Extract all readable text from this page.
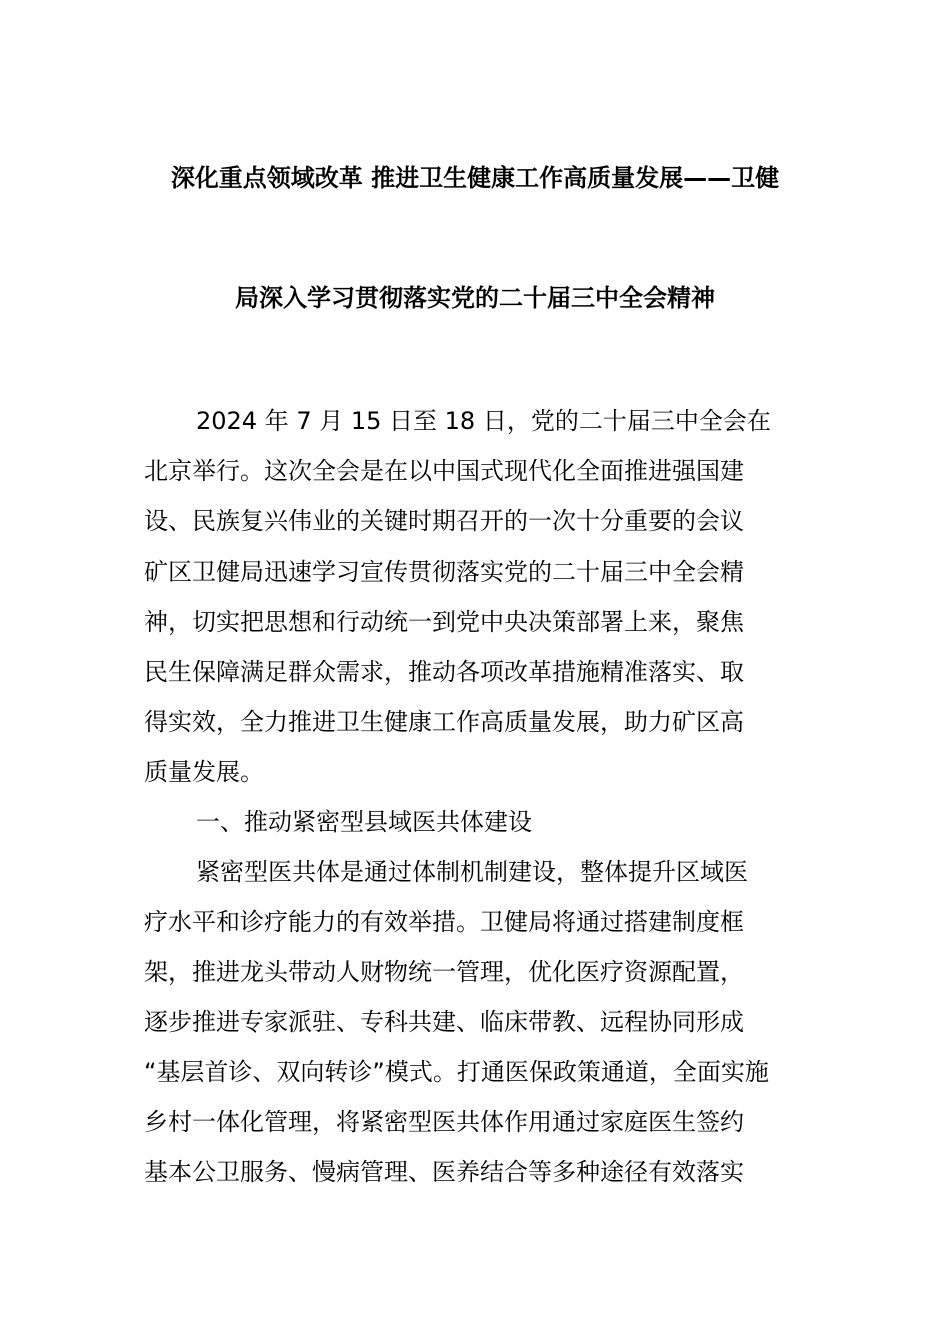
深化重点领域改革 推进卫生健康工作高质量发展——卫健
局深入学习贯彻落实党的二十届三中全会精神
2024 年 7 月 15 日至 18 日，党的二十届三中全会在
北京举行。这次全会是在以中国式现代化全面推进强国建
设、民族复兴伟业的关键时期召开的一次十分重要的会议
矿区卫健局迅速学习宣传贯彻落实党的二十届三中全会精
神，切实把思想和行动统一到党中央决策部署上来，聚焦
民生保障满足群众需求，推动各项改革措施精准落实、取
得实效，全力推进卫生健康工作高质量发展，助力矿区高
质量发展。
一、推动紧密型县域医共体建设
紧密型医共体是通过体制机制建设，整体提升区域医
疗水平和诊疗能力的有效举措。卫健局将通过搭建制度框
架，推进龙头带动人财物统一管理，优化医疗资源配置，
逐步推进专家派驻、专科共建、临床带教、远程协同形成
“基层首诊、双向转诊”模式。打通医保政策通道，全面实施
乡村一体化管理，将紧密型医共体作用通过家庭医生签约
基本公卫服务、慢病管理、医养结合等多种途径有效落实
